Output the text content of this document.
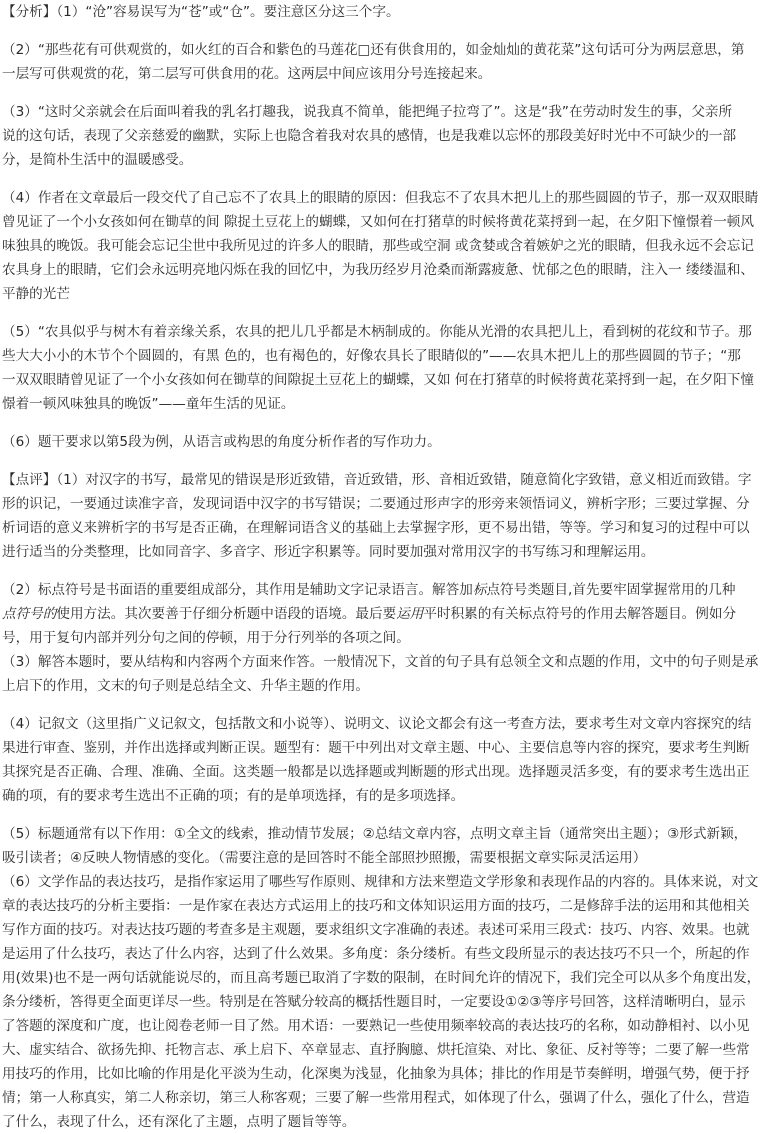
【分析】（1）“沧”容易误写为“苍”或“仓”。要注意区分这三个字。
（2）“那些花有可供观赏的，如火红的百合和紫色的马莲花□还有供食用的，如金灿灿的黄花菜”这句话可分为两层意思，第
一层写可供观赏的花，第二层写可供食用的花。这两层中间应该用分号连接起来。
（3）“这时父亲就会在后面叫着我的乳名打趣我，说我真不简单，能把绳子拉弯了”。这是“我”在劳动时发生的事，父亲所
说的这句话，表现了父亲慈爱的幽默，实际上也隐含着我对农具的感情，也是我难以忘怀的那段美好时光中不可缺少的一部
分，是简朴生活中的温暖感受。
（4）作者在文章最后一段交代了自己忘不了农具上的眼睛的原因：但我忘不了农具木把儿上的那些圆圆的节子，那一双双眼睛
曾见证了一个小女孩如何在锄草的间 隙捉土豆花上的蝴蝶，又如何在打猪草的时候将黄花菜捋到一起，在夕阳下憧憬着一顿风
味独具的晚饭。我可能会忘记尘世中我所见过的许多人的眼睛，那些或空洞 或贪婪或含着嫉妒之光的眼睛，但我永远不会忘记
农具身上的眼睛，它们会永远明亮地闪烁在我的回忆中，为我历经岁月沧桑而渐露疲惫、忧郁之色的眼睛，注入一 缕缕温和、
平静的光芒
（5）“农具似乎与树木有着亲缘关系，农具的把儿几乎都是木柄制成的。你能从光滑的农具把儿上，看到树的花纹和节子。那
些大大小小的木节个个圆圆的，有黑 色的，也有褐色的，好像农具长了眼睛似的”——农具木把儿上的那些圆圆的节子；“那
一双双眼睛曾见证了一个小女孩如何在锄草的间隙捉土豆花上的蝴蝶，又如 何在打猪草的时候将黄花菜捋到一起，在夕阳下憧
憬着一顿风味独具的晚饭”——童年生活的见证。
（6）题干要求以第5段为例，从语言或构思的角度分析作者的写作功力。
【点评】（1）对汉字的书写，最常见的错误是形近致错，音近致错，形、音相近致错，随意简化字致错，意义相近而致错。字
形的识记，一要通过读准字音，发现词语中汉字的书写错误；二要通过形声字的形旁来领悟词义，辨析字形；三要过掌握、分
析词语的意义来辨析字的书写是否正确，在理解词语含义的基础上去掌握字形，更不易出错，等等。学习和复习的过程中可以
进行适当的分类整理，比如同音字、多音字、形近字积累等。同时要加强对常用汉字的书写练习和理解运用。
（2）标点符号是书面语的重要组成部分，其作用是辅助文字记录语言。解答加标点符号类题目,首先要牢固掌握常用的几种
点符号的使用方法。其次要善于仔细分析题中语段的语境。最后要运用平时积累的有关标点符号的作用去解答题目。例如分
号，用于复句内部并列分句之间的停顿，用于分行列举的各项之间。
（3）解答本题时，要从结构和内容两个方面来作答。一般情况下，文首的句子具有总领全文和点题的作用，文中的句子则是承
上启下的作用，文末的句子则是总结全文、升华主题的作用。
（4）记叙文（这里指广义记叙文，包括散文和小说等）、说明文、议论文都会有这一考查方法，要求考生对文章内容探究的结
果进行审查、鉴别，并作出选择或判断正误。题型有：题干中列出对文章主题、中心、主要信息等内容的探究，要求考生判断
其探究是否正确、合理、准确、全面。这类题一般都是以选择题或判断题的形式出现。选择题灵活多变，有的要求考生选出正
确的项，有的要求考生选出不正确的项；有的是单项选择，有的是多项选择。
（5）标题通常有以下作用：①全文的线索，推动情节发展；②总结文章内容，点明文章主旨（通常突出主题）；③形式新颖，
吸引读者；④反映人物情感的变化。（需要注意的是回答时不能全部照抄照搬，需要根据文章实际灵活运用）
（6）文学作品的表达技巧，是指作家运用了哪些写作原则、规律和方法来塑造文学形象和表现作品的内容的。具体来说，对文
章的表达技巧的分析主要指：一是作家在表达方式运用上的技巧和文体知识运用方面的技巧，二是修辞手法的运用和其他相关
写作方面的技巧。对表达技巧题的考查多是主观题，要求组织文字准确的表述。表述可采用三段式：技巧、内容、效果。也就
是运用了什么技巧，表达了什么内容，达到了什么效果。多角度：条分缕析。有些文段所显示的表达技巧不只一个，所起的作
用(效果)也不是一两句话就能说尽的，而且高考题已取消了字数的限制，在时间允许的情况下，我们完全可以从多个角度出发，
条分缕析，答得更全面更详尽一些。特别是在答赋分较高的概括性题目时，一定要设①②③等序号回答，这样清晰明白，显示
了答题的深度和广度，也让阅卷老师一目了然。用术语：一要熟记一些使用频率较高的表达技巧的名称，如动静相衬、以小见
大、虚实结合、欲扬先抑、托物言志、承上启下、卒章显志、直抒胸臆、烘托渲染、对比、象征、反衬等等；二要了解一些常
用技巧的作用，比如比喻的作用是化平淡为生动，化深奥为浅显，化抽象为具体；排比的作用是节奏鲜明，增强气势，便于抒
情；第一人称真实，第二人称亲切，第三人称客观；三要了解一些常用程式，如体现了什么，强调了什么，强化了什么，营造
了什么，表现了什么，还有深化了主题，点明了题旨等等。
